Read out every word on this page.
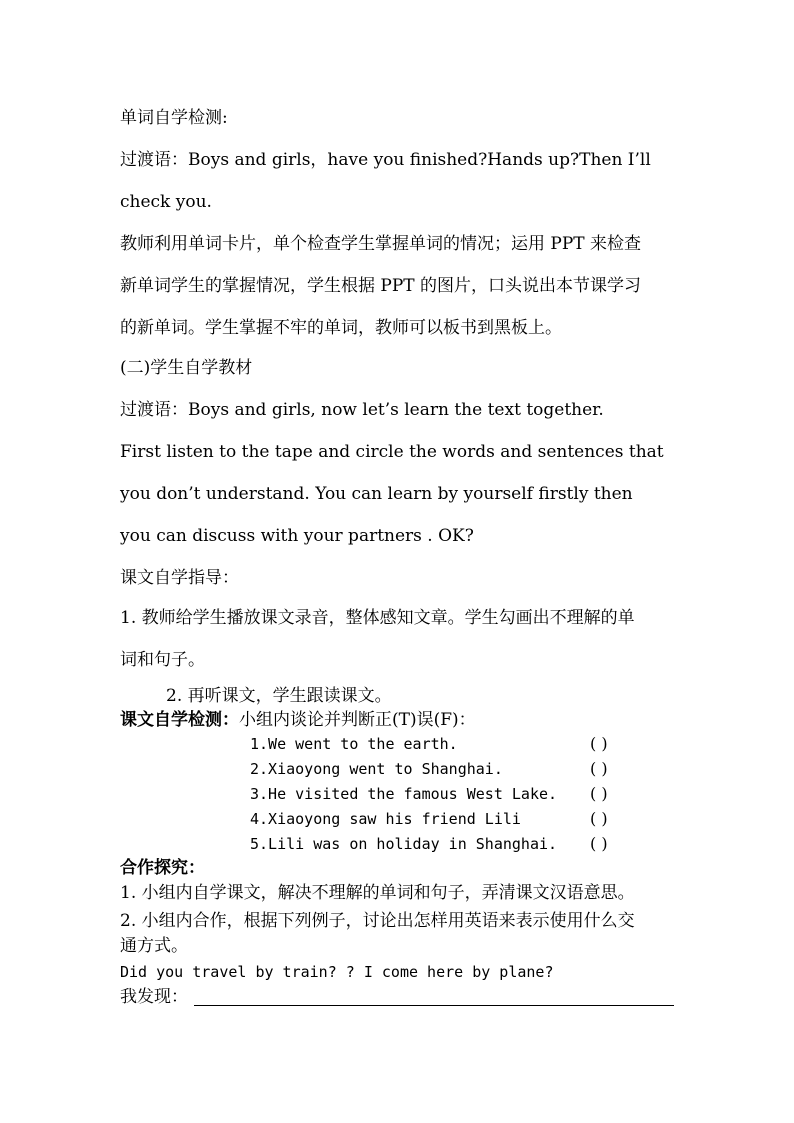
单词自学检测:
过渡语：Boys and girls，have you finished?Hands up?Then I’ll
check you.
教师利用单词卡片，单个检查学生掌握单词的情况；运用 PPT 来检查
新单词学生的掌握情况，学生根据 PPT 的图片，口头说出本节课学习
的新单词。学生掌握不牢的单词，教师可以板书到黑板上。
(二)学生自学教材
过渡语：Boys and girls, now let’s learn the text together.
First listen to the tape and circle the words and sentences that
you don’t understand. You can learn by yourself firstly then
you can discuss with your partners . OK?
课文自学指导：
1. 教师给学生播放课文录音，整体感知文章。学生勾画出不理解的单
词和句子。
2. 再听课文，学生跟读课文。
课文自学检测：小组内谈论并判断正(T)误(F)：
1.We went to the earth.	( )
2.Xiaoyong went to Shanghai.	( )
3.He visited the famous West Lake. ( )
4.Xiaoyong saw his friend Lili	( )
5.Lili was on holiday in Shanghai. ( )
合作探究：
1. 小组内自学课文，解决不理解的单词和句子，弄清课文汉语意思。
2. 小组内合作，根据下列例子，讨论出怎样用英语来表示使用什么交
通方式。
Did you travel by train? ? I come here by plane?
我发现：
